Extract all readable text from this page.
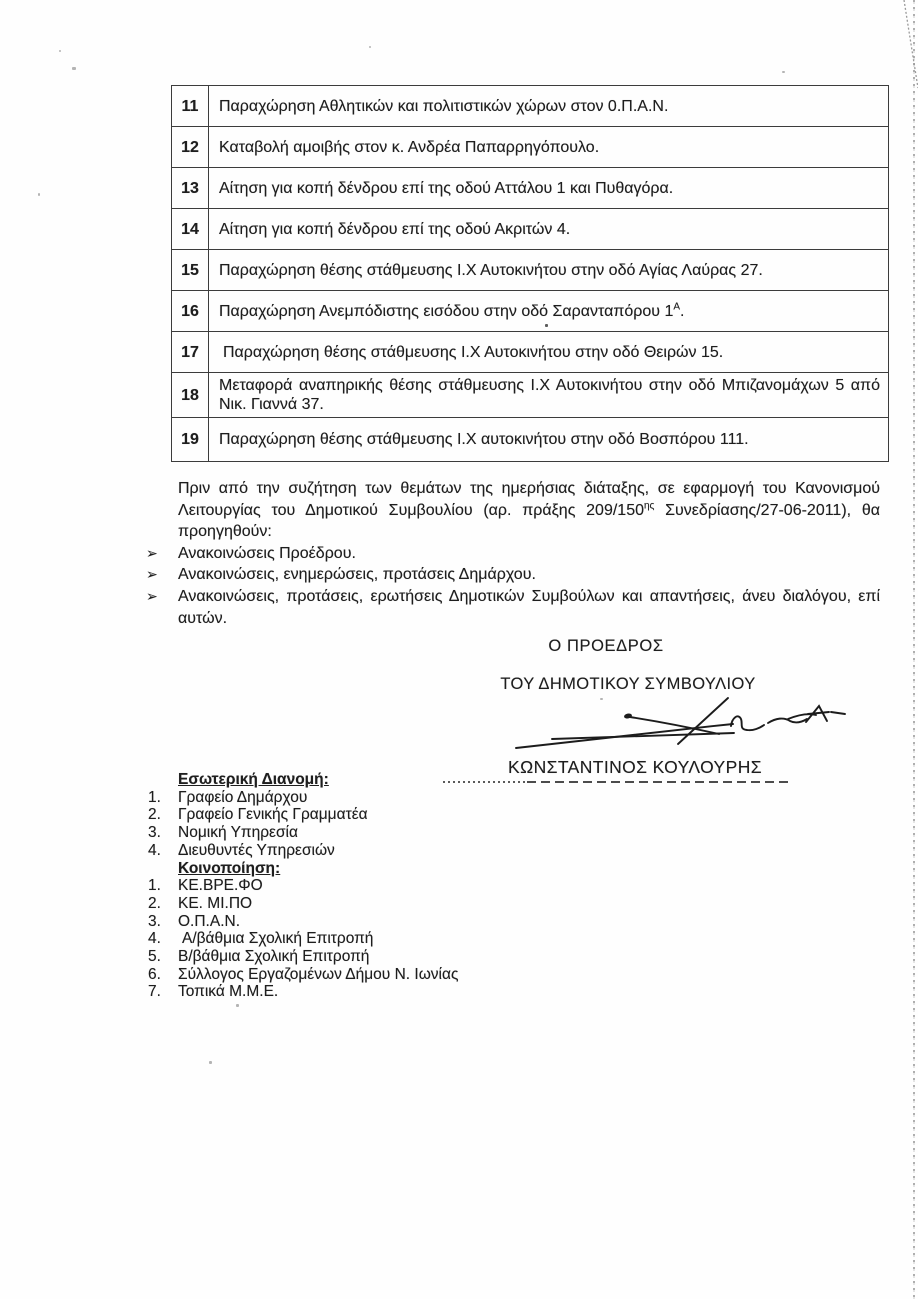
11	Παραχώρηση Αθλητικών και πολιτιστικών χώρων στον 0.Π.Α.Ν.
12	Καταβολή αμοιβής στον κ. Ανδρέα Παπαρρηγόπουλο.
13	Αίτηση για κοπή δένδρου επί της οδού Αττάλου 1 και Πυθαγόρα.
14	Αίτηση για κοπή δένδρου επί της οδού Ακριτών 4.
15	Παραχώρηση θέσης στάθμευσης Ι.Χ Αυτοκινήτου στην οδό Αγίας Λαύρας 27.
16	Παραχώρηση Ανεμπόδιστης εισόδου στην οδό Σαρανταπόρου $1^A$.
17	Παραχώρηση θέσης στάθμευσης Ι.Χ Αυτοκινήτου στην οδό Θειρών 15.
18	Μεταφορά αναπηρικής θέσης στάθμευσης Ι.Χ Αυτοκινήτου στην οδό Μπιζανομάχων 5 από Νικ. Γιαννά 37.
19	Παραχώρηση θέσης στάθμευσης Ι.Χ αυτοκινήτου στην οδό Βοσπόρου 111.
Πριν από την συζήτηση των θεμάτων της ημερήσιας διάταξης, σε εφαρμογή του Κανονισμού Λειτουργίας του Δημοτικού Συμβουλίου (αρ. πράξης $209/150^{\eta\varsigma}$ Συνεδρίασης/27-06-2011), θα προηγηθούν:
➢	Ανακοινώσεις Προέδρου.
➢	Ανακοινώσεις, ενημερώσεις, προτάσεις Δημάρχου.
➢	Ανακοινώσεις, προτάσεις, ερωτήσεις Δημοτικών Συμβούλων και απαντήσεις, άνευ διαλόγου, επί αυτών.
Ο ΠΡΟΕΔΡΟΣ
ΤΟΥ ΔΗΜΟΤΙΚΟΥ ΣΥΜΒΟΥΛΙΟΥ
ΚΩΝΣΤΑΝΤΙΝΟΣ ΚΟΥΛΟΥΡΗΣ
Εσωτερική Διανομή:
1.	Γραφείο Δημάρχου
2.	Γραφείο Γενικής Γραμματέα
3.	Νομική Υπηρεσία
4.	Διευθυντές Υπηρεσιών
Κοινοποίηση:
1.	ΚΕ.ΒΡΕ.ΦΟ
2.	ΚΕ. ΜΙ.ΠΟ
3.	Ο.Π.Α.Ν.
4.	Α/βάθμια Σχολική Επιτροπή
5.	Β/βάθμια Σχολική Επιτροπή
6.	Σύλλογος Εργαζομένων Δήμου Ν. Ιωνίας
7.	Τοπικά Μ.Μ.Ε.
